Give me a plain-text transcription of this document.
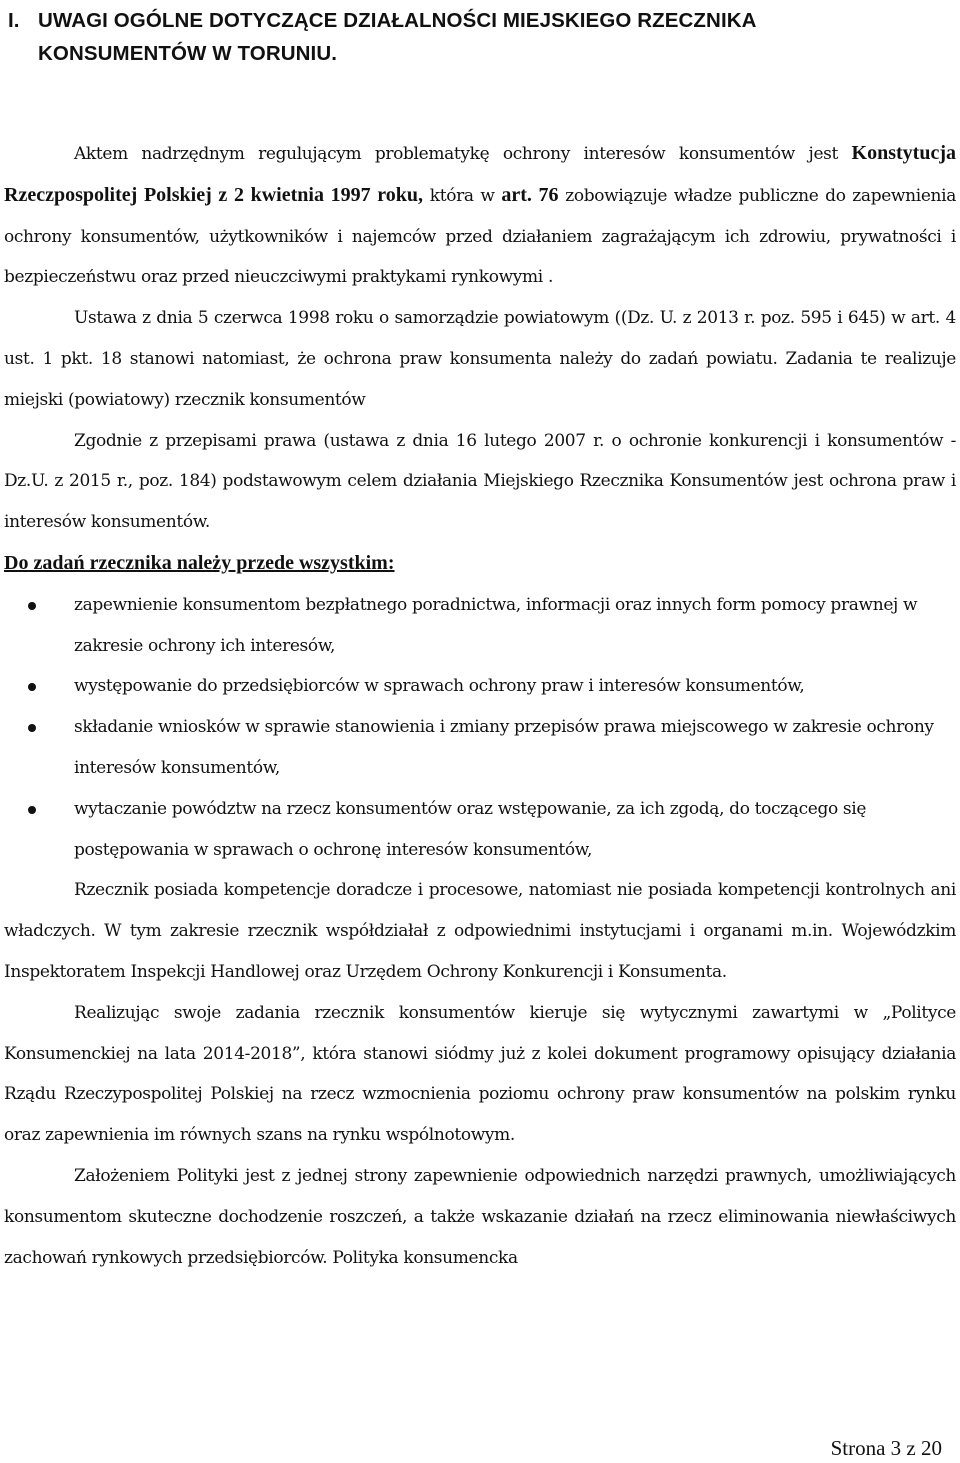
I. UWAGI OGÓLNE DOTYCZĄCE DZIAŁALNOŚCI MIEJSKIEGO RZECZNIKA
KONSUMENTÓW W TORUNIU.

Aktem nadrzędnym regulującym problematykę ochrony interesów konsumentów jest Konstytucja Rzeczpospolitej Polskiej z 2 kwietnia 1997 roku, która w art. 76 zobowiązuje władze publiczne do zapewnienia ochrony konsumentów, użytkowników i najemców przed działaniem zagrażającym ich zdrowiu, prywatności i bezpieczeństwu oraz przed nieuczciwymi praktykami rynkowymi .

Ustawa z dnia 5 czerwca 1998 roku o samorządzie powiatowym ((Dz. U. z 2013 r. poz. 595 i 645) w art. 4 ust. 1 pkt. 18 stanowi natomiast, że ochrona praw konsumenta należy do zadań powiatu. Zadania te realizuje miejski (powiatowy) rzecznik konsumentów

Zgodnie z przepisami prawa (ustawa z dnia 16 lutego 2007 r. o ochronie konkurencji i konsumentów - Dz.U. z 2015 r., poz. 184) podstawowym celem działania Miejskiego Rzecznika Konsumentów jest ochrona praw i interesów konsumentów.

Do zadań rzecznika należy przede wszystkim:

zapewnienie konsumentom bezpłatnego poradnictwa, informacji oraz innych form pomocy prawnej w zakresie ochrony ich interesów,
występowanie do przedsiębiorców w sprawach ochrony praw i interesów konsumentów,
składanie wniosków w sprawie stanowienia i zmiany przepisów prawa miejscowego w zakresie ochrony interesów konsumentów,
wytaczanie powództw na rzecz konsumentów oraz wstępowanie, za ich zgodą, do toczącego się postępowania w sprawach o ochronę interesów konsumentów,

Rzecznik posiada kompetencje doradcze i procesowe, natomiast nie posiada kompetencji kontrolnych ani władczych. W tym zakresie rzecznik współdziałał z odpowiednimi instytucjami i organami m.in. Wojewódzkim Inspektoratem Inspekcji Handlowej oraz Urzędem Ochrony Konkurencji i Konsumenta.

Realizując swoje zadania rzecznik konsumentów kieruje się wytycznymi zawartymi w „Polityce Konsumenckiej na lata 2014-2018”, która stanowi siódmy już z kolei dokument programowy opisujący działania Rządu Rzeczypospolitej Polskiej na rzecz wzmocnienia poziomu ochrony praw konsumentów na polskim rynku oraz zapewnienia im równych szans na rynku wspólnotowym.

Założeniem Polityki jest z jednej strony zapewnienie odpowiednich narzędzi prawnych, umożliwiających konsumentom skuteczne dochodzenie roszczeń, a także wskazanie działań na rzecz eliminowania niewłaściwych zachowań rynkowych przedsiębiorców. Polityka konsumencka

Strona 3 z 20
